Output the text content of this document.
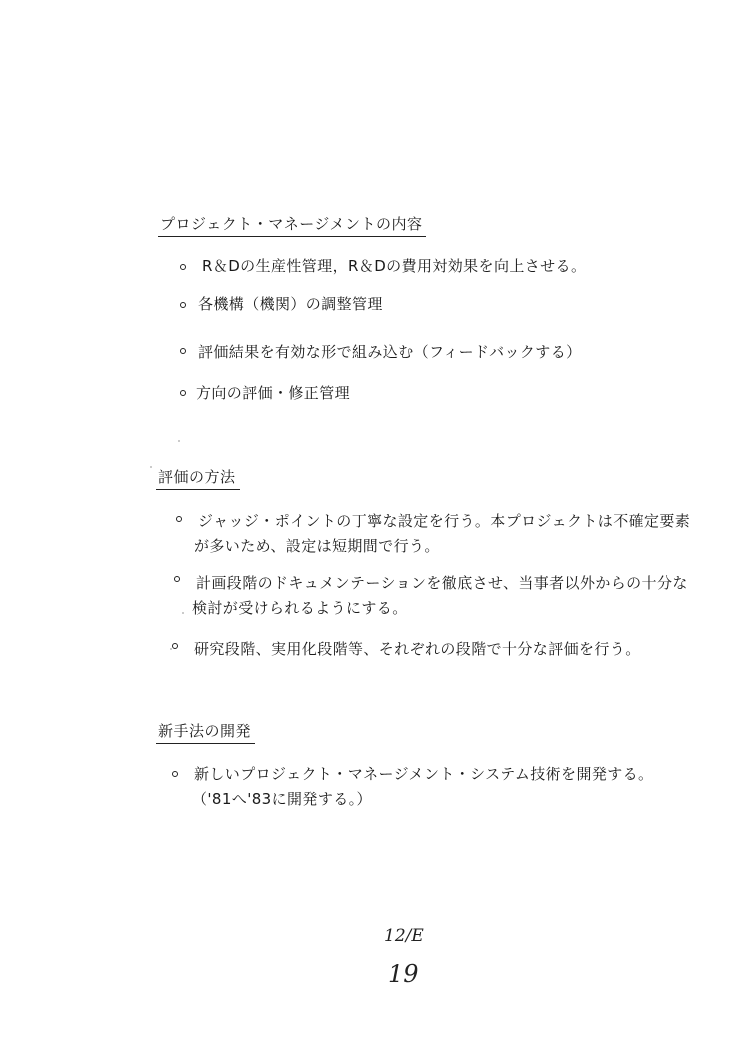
プロジェクト・マネージメントの内容
R＆Dの生産性管理，R＆Dの費用対効果を向上させる。
各機構（機関）の調整管理
評価結果を有効な形で組み込む（フィードバックする）
方向の評価・修正管理
評価の方法
ジャッジ・ポイントの丁寧な設定を行う。本プロジェクトは不確定要素
が多いため、設定は短期間で行う。
計画段階のドキュメンテーションを徹底させ、当事者以外からの十分な
検討が受けられるようにする。
研究段階、実用化段階等、それぞれの段階で十分な評価を行う。
新手法の開発
新しいプロジェクト・マネージメント・システム技術を開発する。
（'81へ'83に開発する。）
12/E
19
